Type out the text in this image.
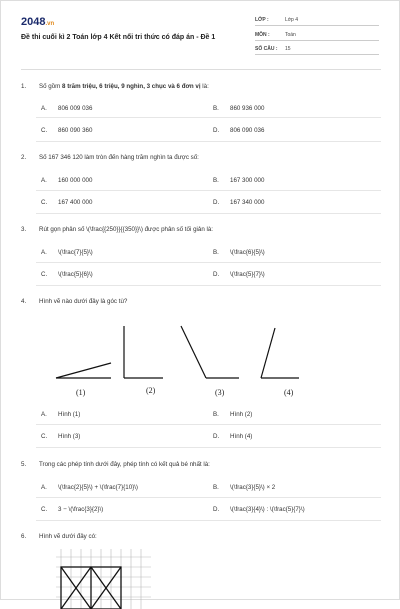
2048.vn
Đề thi cuối kì 2 Toán lớp 4 Kết nối tri thức có đáp án - Đề 1
LỚP :	Lớp 4
MÔN :	Toán
SỐ CÂU : 15
1. Số gồm 8 trăm triệu, 6 triệu, 9 nghìn, 3 chục và 6 đơn vị là:
A. 806 009 036	B. 860 936 000
C. 860 090 360	D. 806 090 036
2. Số 167 346 120 làm tròn đến hàng trăm nghìn ta được số:
A. 160 000 000	B. 167 300 000
C. 167 400 000	D. 167 340 000
3. Rút gọn phân số \(\frac{{250}}{{350}}\) được phân số tối giản là:
A. \(\frac{7}{5}\)	B. \(\frac{6}{5}\)
C. \(\frac{5}{6}\)	D. \(\frac{5}{7}\)
4. Hình vẽ nào dưới đây là góc tù?
(1)	(2)	(3)	(4)
A. Hình (1)	B. Hình (2)
C. Hình (3)	D. Hình (4)
5. Trong các phép tính dưới đây, phép tính có kết quả bé nhất là:
A. \(\frac{2}{5}\) + \(\frac{7}{10}\)	B. \(\frac{3}{5}\) × 2
C. 3 − \(\frac{3}{2}\)	D. \(\frac{3}{4}\) : \(\frac{5}{7}\)
6. Hình vẽ dưới đây có:
